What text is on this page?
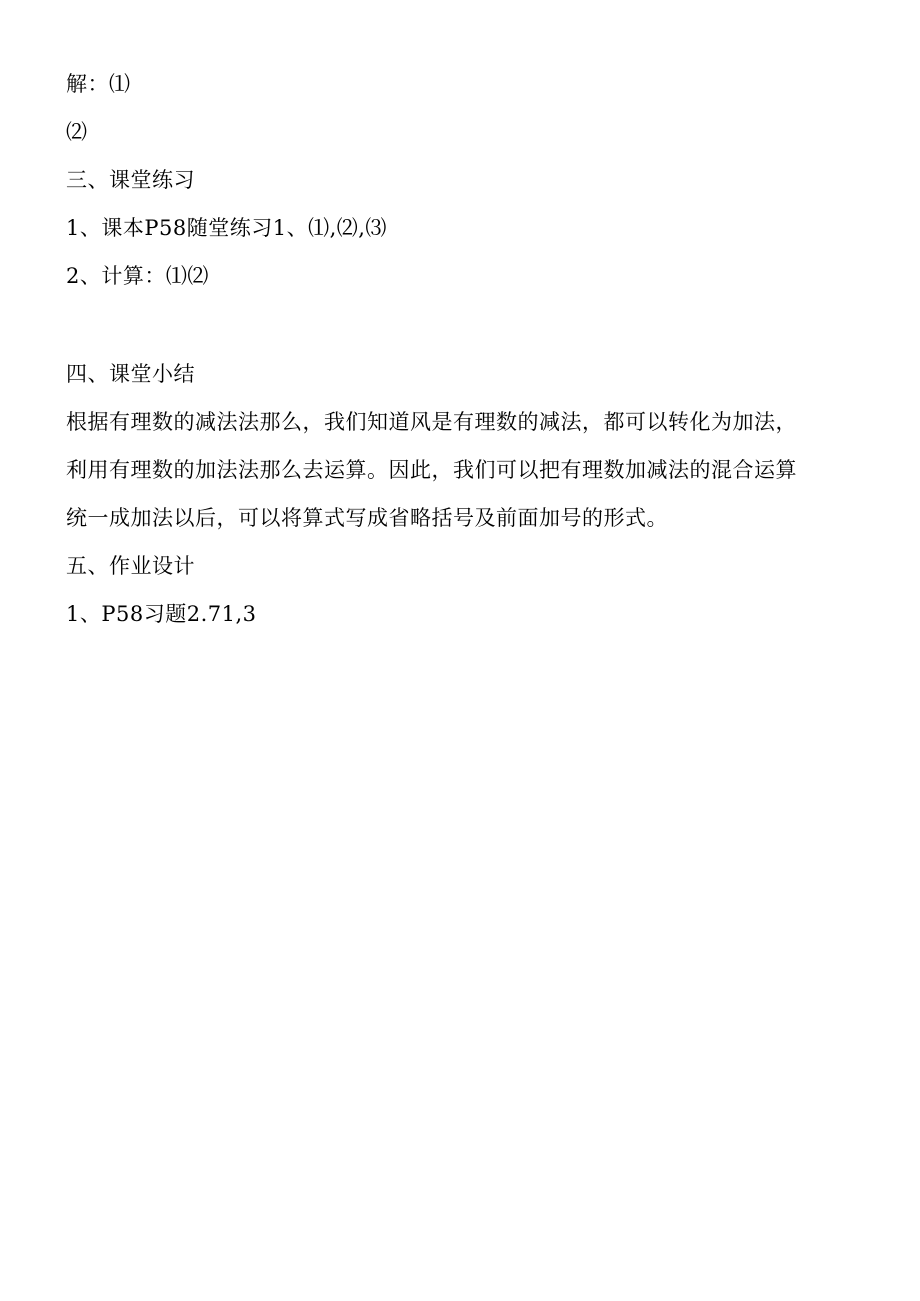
解：⑴
⑵
三、课堂练习
1、课本P58随堂练习1、⑴,⑵,⑶
2、计算：⑴⑵
四、课堂小结
根据有理数的减法法那么，我们知道风是有理数的减法，都可以转化为加法，
利用有理数的加法法那么去运算。因此，我们可以把有理数加减法的混合运算
统一成加法以后，可以将算式写成省略括号及前面加号的形式。
五、作业设计
1、P58习题2.71,3
